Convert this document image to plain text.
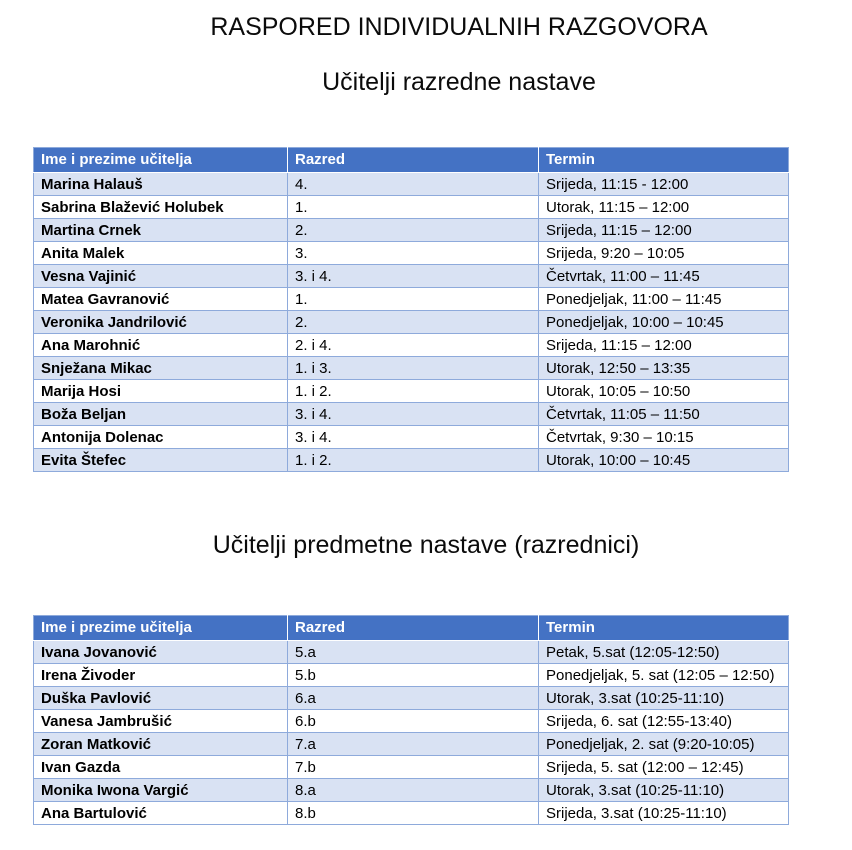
RASPORED INDIVIDUALNIH RAZGOVORA
Učitelji razredne nastave
Ime i prezime učitelja	Razred	Termin
Marina Halauš	4.	Srijeda, 11:15 - 12:00
Sabrina Blažević Holubek	1.	Utorak, 11:15 – 12:00
Martina Crnek	2.	Srijeda, 11:15 – 12:00
Anita Malek	3.	Srijeda, 9:20 – 10:05
Vesna Vajinić	3. i 4.	Četvrtak, 11:00 – 11:45
Matea Gavranović	1.	Ponedjeljak, 11:00 – 11:45
Veronika Jandrilović	2.	Ponedjeljak, 10:00 – 10:45
Ana Marohnić	2. i 4.	Srijeda, 11:15 – 12:00
Snježana Mikac	1. i 3.	Utorak, 12:50 – 13:35
Marija Hosi	1. i 2.	Utorak, 10:05 – 10:50
Boža Beljan	3. i 4.	Četvrtak, 11:05 – 11:50
Antonija Dolenac	3. i 4.	Četvrtak, 9:30 – 10:15
Evita Štefec	1. i 2.	Utorak, 10:00 – 10:45
Učitelji predmetne nastave (razrednici)
Ime i prezime učitelja	Razred	Termin
Ivana Jovanović	5.a	Petak, 5.sat (12:05-12:50)
Irena Živoder	5.b	Ponedjeljak, 5. sat (12:05 – 12:50)
Duška Pavlović	6.a	Utorak, 3.sat (10:25-11:10)
Vanesa Jambrušić	6.b	Srijeda, 6. sat (12:55-13:40)
Zoran Matković	7.a	Ponedjeljak, 2. sat (9:20-10:05)
Ivan Gazda	7.b	Srijeda, 5. sat (12:00 – 12:45)
Monika Iwona Vargić	8.a	Utorak, 3.sat (10:25-11:10)
Ana Bartulović	8.b	Srijeda, 3.sat (10:25-11:10)
